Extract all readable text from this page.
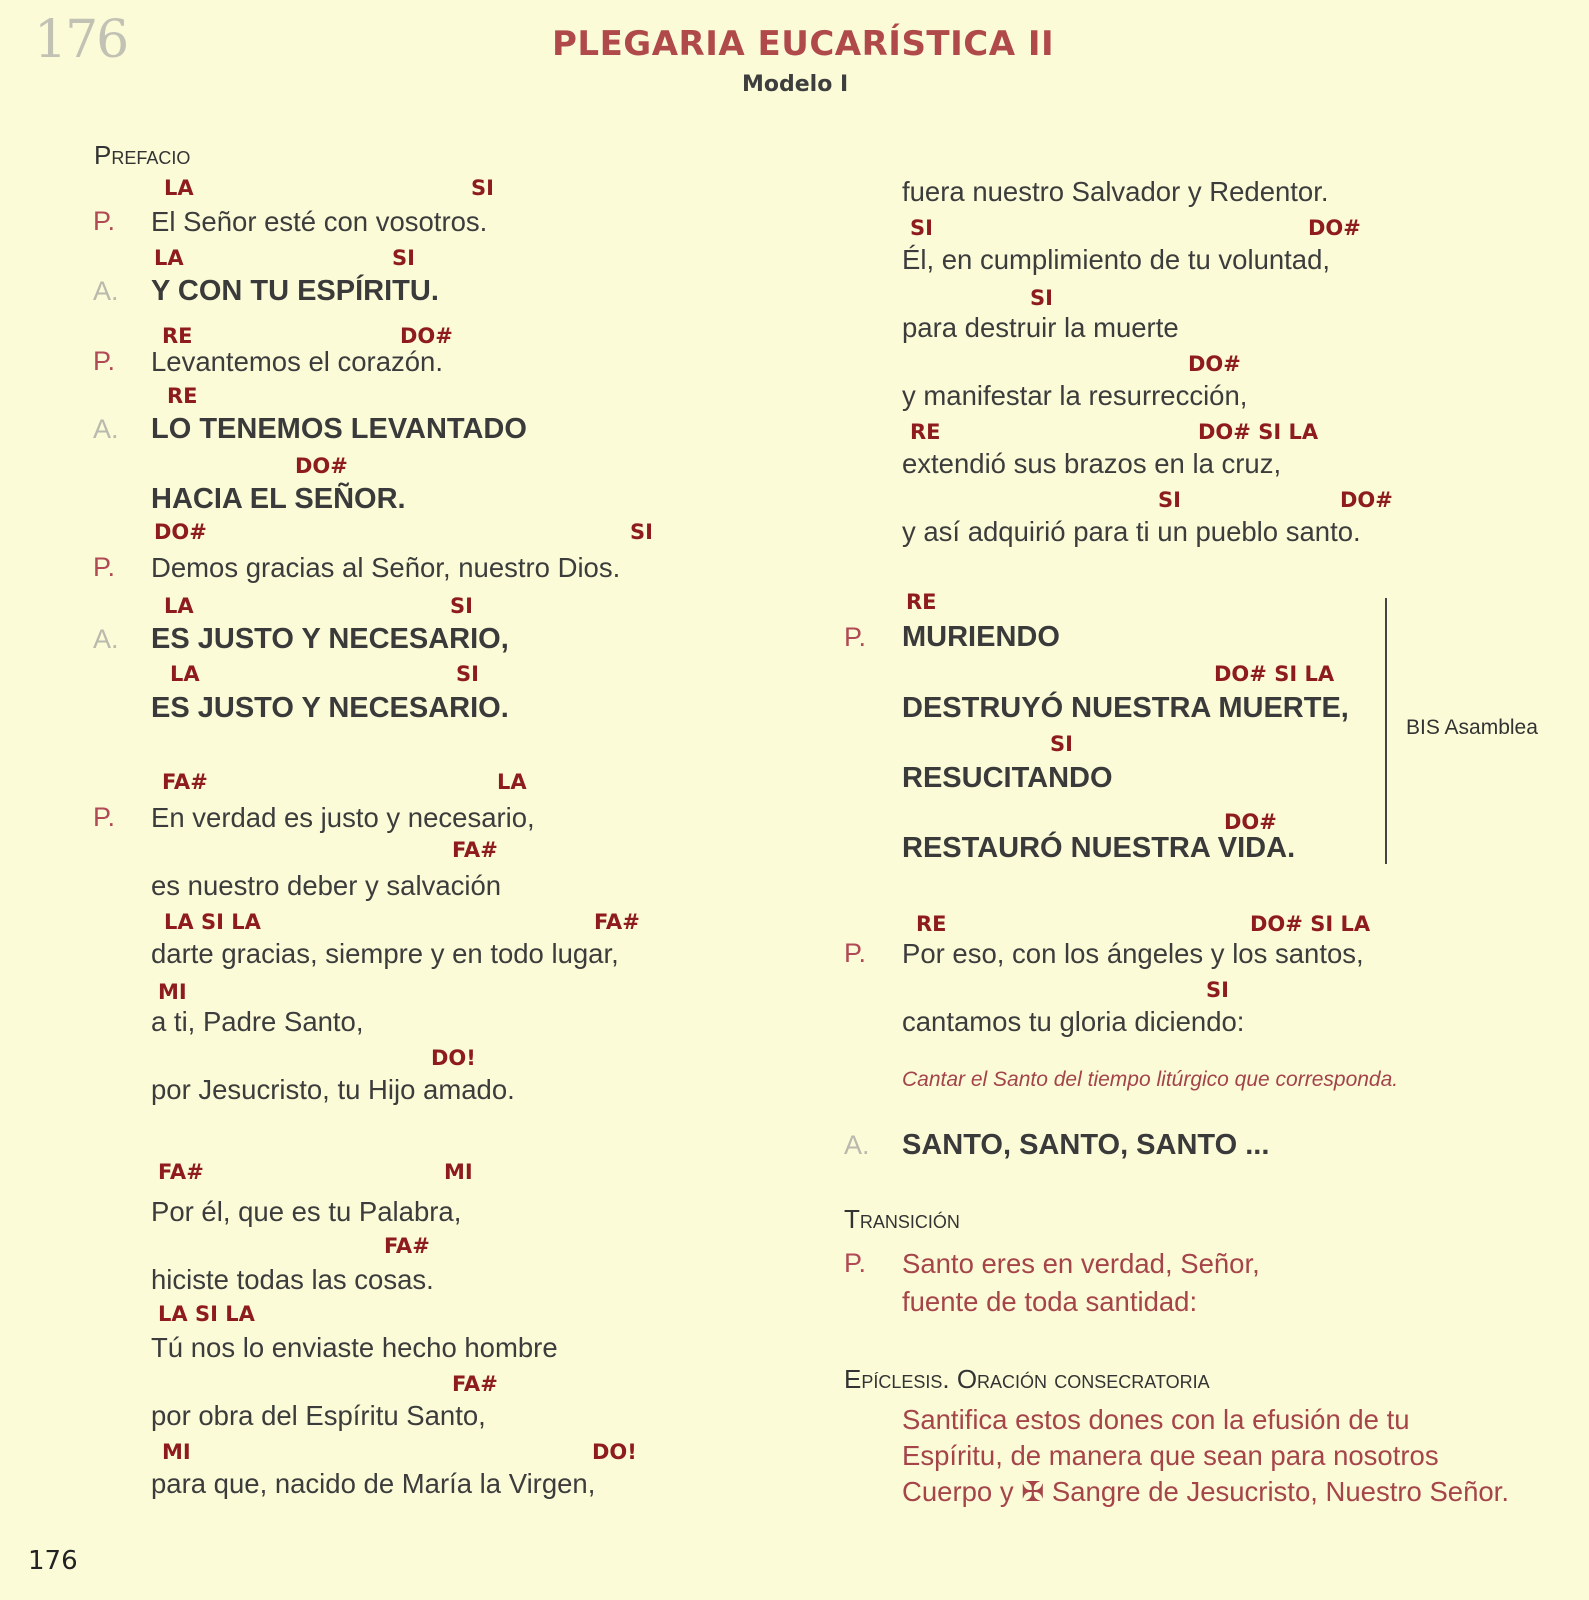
176	PLEGARIA EUCARÍSTICA II
Modelo I
Prefacio
LA	SI
P. El Señor esté con vosotros.
LA	SI
A. Y CON TU ESPÍRITU.
RE	DO#
P. Levantemos el corazón.
RE
A. LO TENEMOS LEVANTADO
DO#
HACIA EL SEÑOR.
DO#	SI
P. Demos gracias al Señor, nuestro Dios.
LA	SI
A. ES JUSTO Y NECESARIO,
LA	SI
ES JUSTO Y NECESARIO.
FA#	LA
P. En verdad es justo y necesario,
FA#
es nuestro deber y salvación
LA SI LA	FA#
darte gracias, siempre y en todo lugar,
MI
a ti, Padre Santo,
DO!
por Jesucristo, tu Hijo amado.
FA#	MI
Por él, que es tu Palabra,
FA#
hiciste todas las cosas.
LA SI LA
Tú nos lo enviaste hecho hombre
FA#
por obra del Espíritu Santo,
MI	DO!
para que, nacido de María la Virgen,
fuera nuestro Salvador y Redentor.
SI	DO#
Él, en cumplimiento de tu voluntad,
SI
para destruir la muerte
DO#
y manifestar la resurrección,
RE	DO# SI LA
extendió sus brazos en la cruz,
SI	DO#
y así adquirió para ti un pueblo santo.
RE
P. MURIENDO
DO# SI LA
DESTRUYÓ NUESTRA MUERTE,
SI
RESUCITANDO
DO#
RESTAURÓ NUESTRA VIDA.
BIS Asamblea
RE	DO# SI LA
P. Por eso, con los ángeles y los santos,
SI
cantamos tu gloria diciendo:
Cantar el Santo del tiempo litúrgico que corresponda.
A. SANTO, SANTO, SANTO ...
Transición
P. Santo eres en verdad, Señor,
fuente de toda santidad:
Epíclesis. Oración consecratoria
Santifica estos dones con la efusión de tu
Espíritu, de manera que sean para nosotros
Cuerpo y ✠ Sangre de Jesucristo, Nuestro Señor.
176
